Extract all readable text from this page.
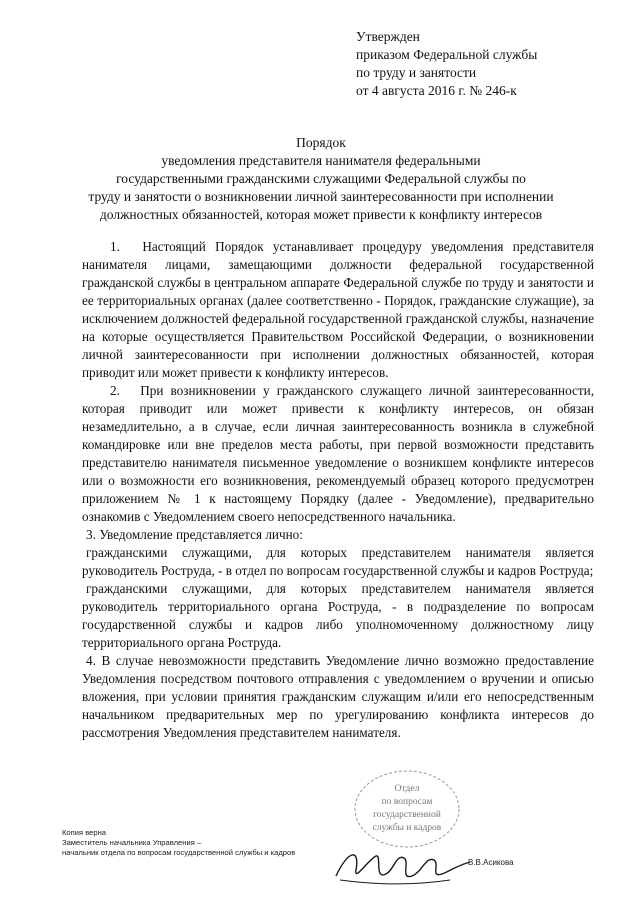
Утвержден
приказом Федеральной службы
по труду и занятости
от 4 августа 2016 г. № 246-к
Порядок
уведомления представителя нанимателя федеральными
государственными гражданскими служащими Федеральной службы по
труду и занятости о возникновении личной заинтересованности при исполнении
должностных обязанностей, которая может привести к конфликту интересов

1.  Настоящий Порядок устанавливает процедуру уведомления представителя нанимателя лицами, замещающими должности федеральной государственной гражданской службы в центральном аппарате Федеральной службе по труду и занятости и ее территориальных органах (далее соответственно - Порядок, гражданские служащие), за исключением должностей федеральной государственной гражданской службы, назначение на которые осуществляется Правительством Российской Федерации, о возникновении личной заинтересованности при исполнении должностных обязанностей, которая приводит или может привести к конфликту интересов.

2.  При возникновении у гражданского служащего личной заинтересованности, которая приводит или может привести к конфликту интересов, он обязан незамедлительно, а в случае, если личная заинтересованность возникла в служебной командировке или вне пределов места работы, при первой возможности представить представителю нанимателя письменное уведомление о возникшем конфликте интересов или о возможности его возникновения, рекомендуемый образец которого предусмотрен приложением № 1 к настоящему Порядку (далее - Уведомление), предварительно ознакомив с Уведомлением своего непосредственного начальника.

3. Уведомление представляется лично:

гражданскими служащими, для которых представителем нанимателя является руководитель Роструда, - в отдел по вопросам государственной службы и кадров Роструда;

гражданскими служащими, для которых представителем нанимателя является руководитель территориального органа Роструда, - в подразделение по вопросам государственной службы и кадров либо уполномоченному должностному лицу территориального органа Роструда.

4. В случае невозможности представить Уведомление лично возможно предоставление Уведомления посредством почтового отправления с уведомлением о вручении и описью вложения, при условии принятия гражданским служащим и/или его непосредственным начальником предварительных мер по урегулированию конфликта интересов до рассмотрения Уведомления представителем нанимателя.

Отдел
по вопросам
государственной
службы и кадров
Копия верна
Заместитель начальника Управления –
начальник отдела по вопросам государственной службы и кадров
В.В.Асикова
